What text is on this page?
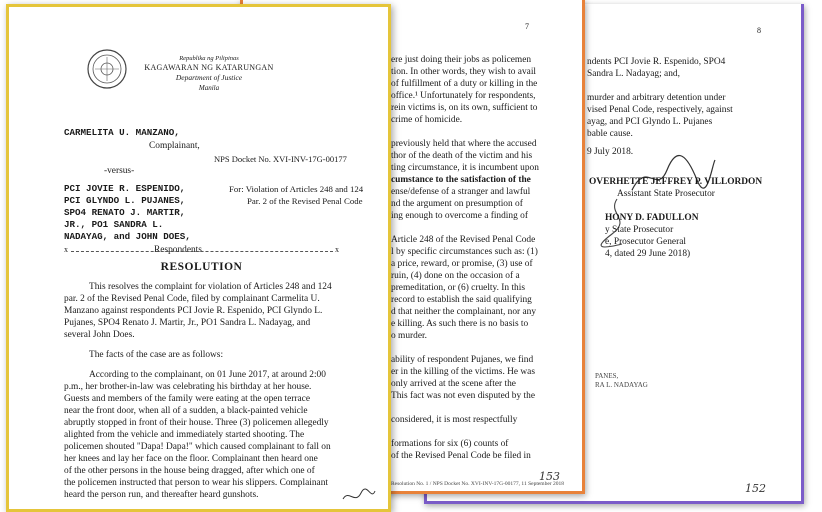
8
ndents PCI Jovie R. Espenido, SPO4
Sandra L. Nadayag; and,
murder and arbitrary detention under
vised Penal Code, respectively, against
ayag, and PCI Glyndo L. Pujanes
bable cause.
9 July 2018.
OVERHETTE JEFFREY P. VILLORDON
Assistant State Prosecutor
HONY D. FADULLON
y State Prosecutor
e, Prosecutor General
4, dated 29 June 2018)
PANES,
RA L. NADAYAG
152
7
ere just doing their jobs as policemen
tion. In other words, they wish to avail
of fulfillment of a duty or killing in the
office.¹ Unfortunately for respondents,
rein victims is, on its own, sufficient to
crime of homicide.
previously held that where the accused
thor of the death of the victim and his
ting circumstance, it is incumbent upon
cumstance to the satisfaction of the
ense/defense of a stranger and lawful
nd the argument on presumption of
ing enough to overcome a finding of
Article 248 of the Revised Penal Code
l by specific circumstances such as: (1)
a price, reward, or promise, (3) use of
ruin, (4) done on the occasion of a
premeditation, or (6) cruelty. In this
record to establish the said qualifying
d that neither the complainant, nor any
e killing. As such there is no basis to
o murder.
ability of respondent Pujanes, we find
er in the killing of the victims. He was
only arrived at the scene after the
This fact was not even disputed by the
considered, it is most respectfully
formations for six (6) counts of
of the Revised Penal Code be filed in
Resolution No. 1 / NPS Docket No. XVI-INV-17G-00177, 11 September 2018
153
Republika ng Pilipinas
KAGAWARAN NG KATARUNGAN
Department of Justice
Manila
CARMELITA U. MANZANO,
Complainant,
NPS Docket No. XVI-INV-17G-00177
-versus-
For: Violation of Articles 248 and 124
Par. 2 of the Revised Penal Code
PCI JOVIE R. ESPENIDO,
PCI GLYNDO L. PUJANES,
SPO4 RENATO J. MARTIR,
JR., PO1 SANDRA L.
NADAYAG, and JOHN DOES,
Respondents.
x	x
RESOLUTION
This resolves the complaint for violation of Articles 248 and 124
par. 2 of the Revised Penal Code, filed by complainant Carmelita U.
Manzano against respondents PCI Jovie R. Espenido, PCI Glyndo L.
Pujanes, SPO4 Renato J. Martir, Jr., PO1 Sandra L. Nadayag, and
several John Does.
The facts of the case are as follows:
According to the complainant, on 01 June 2017, at around 2:00
p.m., her brother-in-law was celebrating his birthday at her house.
Guests and members of the family were eating at the open terrace
near the front door, when all of a sudden, a black-painted vehicle
abruptly stopped in front of their house. Three (3) policemen allegedly
alighted from the vehicle and immediately started shooting. The
policemen shouted "Dapa! Dapa!" which caused complainant to fall on
her knees and lay her face on the floor. Complainant then heard one
of the other persons in the house being dragged, after which one of
the policemen instructed that person to wear his slippers. Complainant
heard the person run, and thereafter heard gunshots.
